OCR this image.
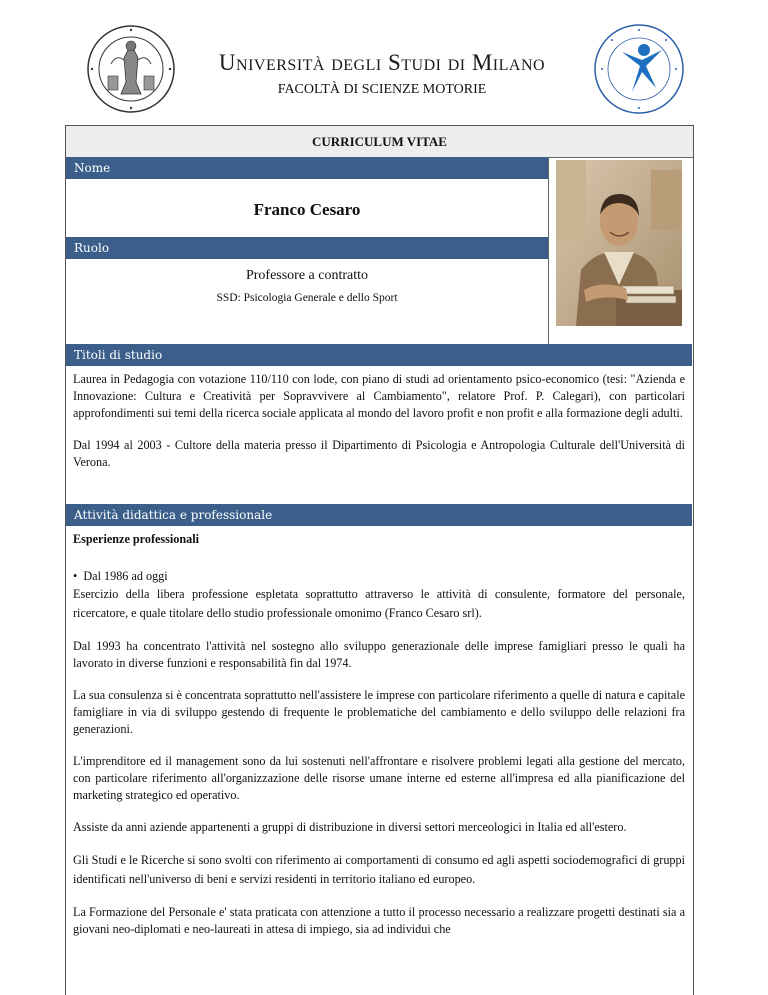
Università degli Studi di Milano
FACOLTÀ DI SCIENZE MOTORIE
CURRICULUM VITAE
Nome
Franco Cesaro
Ruolo
Professore a contratto
SSD: Psicologia Generale e dello Sport
Titoli di studio

Laurea in Pedagogia con votazione 110/110 con lode, con piano di studi ad orientamento psico-economico (tesi: "Azienda e Innovazione: Cultura e Creatività per Sopravvivere al Cambiamento", relatore Prof. P. Calegari), con particolari approfondimenti sui temi della ricerca sociale applicata al mondo del lavoro profit e non profit e alla formazione degli adulti.

Dal 1994 al 2003 - Cultore della materia presso il Dipartimento di Psicologia e Antropologia Culturale dell'Università di Verona.

Attività didattica e professionale

Esperienze professionali

•  Dal 1986 ad oggi

Esercizio della libera professione espletata soprattutto attraverso le attività di consulente, formatore del personale, ricercatore, e quale titolare dello studio professionale omonimo (Franco Cesaro srl).

Dal 1993 ha concentrato l'attività nel sostegno allo sviluppo generazionale delle imprese famigliari presso le quali ha lavorato in diverse funzioni e responsabilità fin dal 1974.

La sua consulenza si è concentrata soprattutto nell'assistere le imprese con particolare riferimento a quelle di natura e capitale famigliare in via di sviluppo gestendo di frequente le problematiche del cambiamento e dello sviluppo delle relazioni fra generazioni.

L'imprenditore ed il management sono da lui sostenuti nell'affrontare e risolvere problemi legati alla gestione del mercato, con particolare riferimento all'organizzazione delle risorse umane interne ed esterne all'impresa ed alla pianificazione del marketing strategico ed operativo.

Assiste da anni aziende appartenenti a gruppi di distribuzione in diversi settori merceologici in Italia ed all'estero.

Gli Studi e le Ricerche si sono svolti con riferimento ai comportamenti di consumo ed agli aspetti sociodemografici di gruppi identificati nell'universo di beni e servizi residenti in territorio italiano ed europeo.

La Formazione del Personale e' stata praticata con attenzione a tutto il processo necessario a realizzare progetti destinati sia a giovani neo-diplomati e neo-laureati in attesa di impiego, sia ad individui che
